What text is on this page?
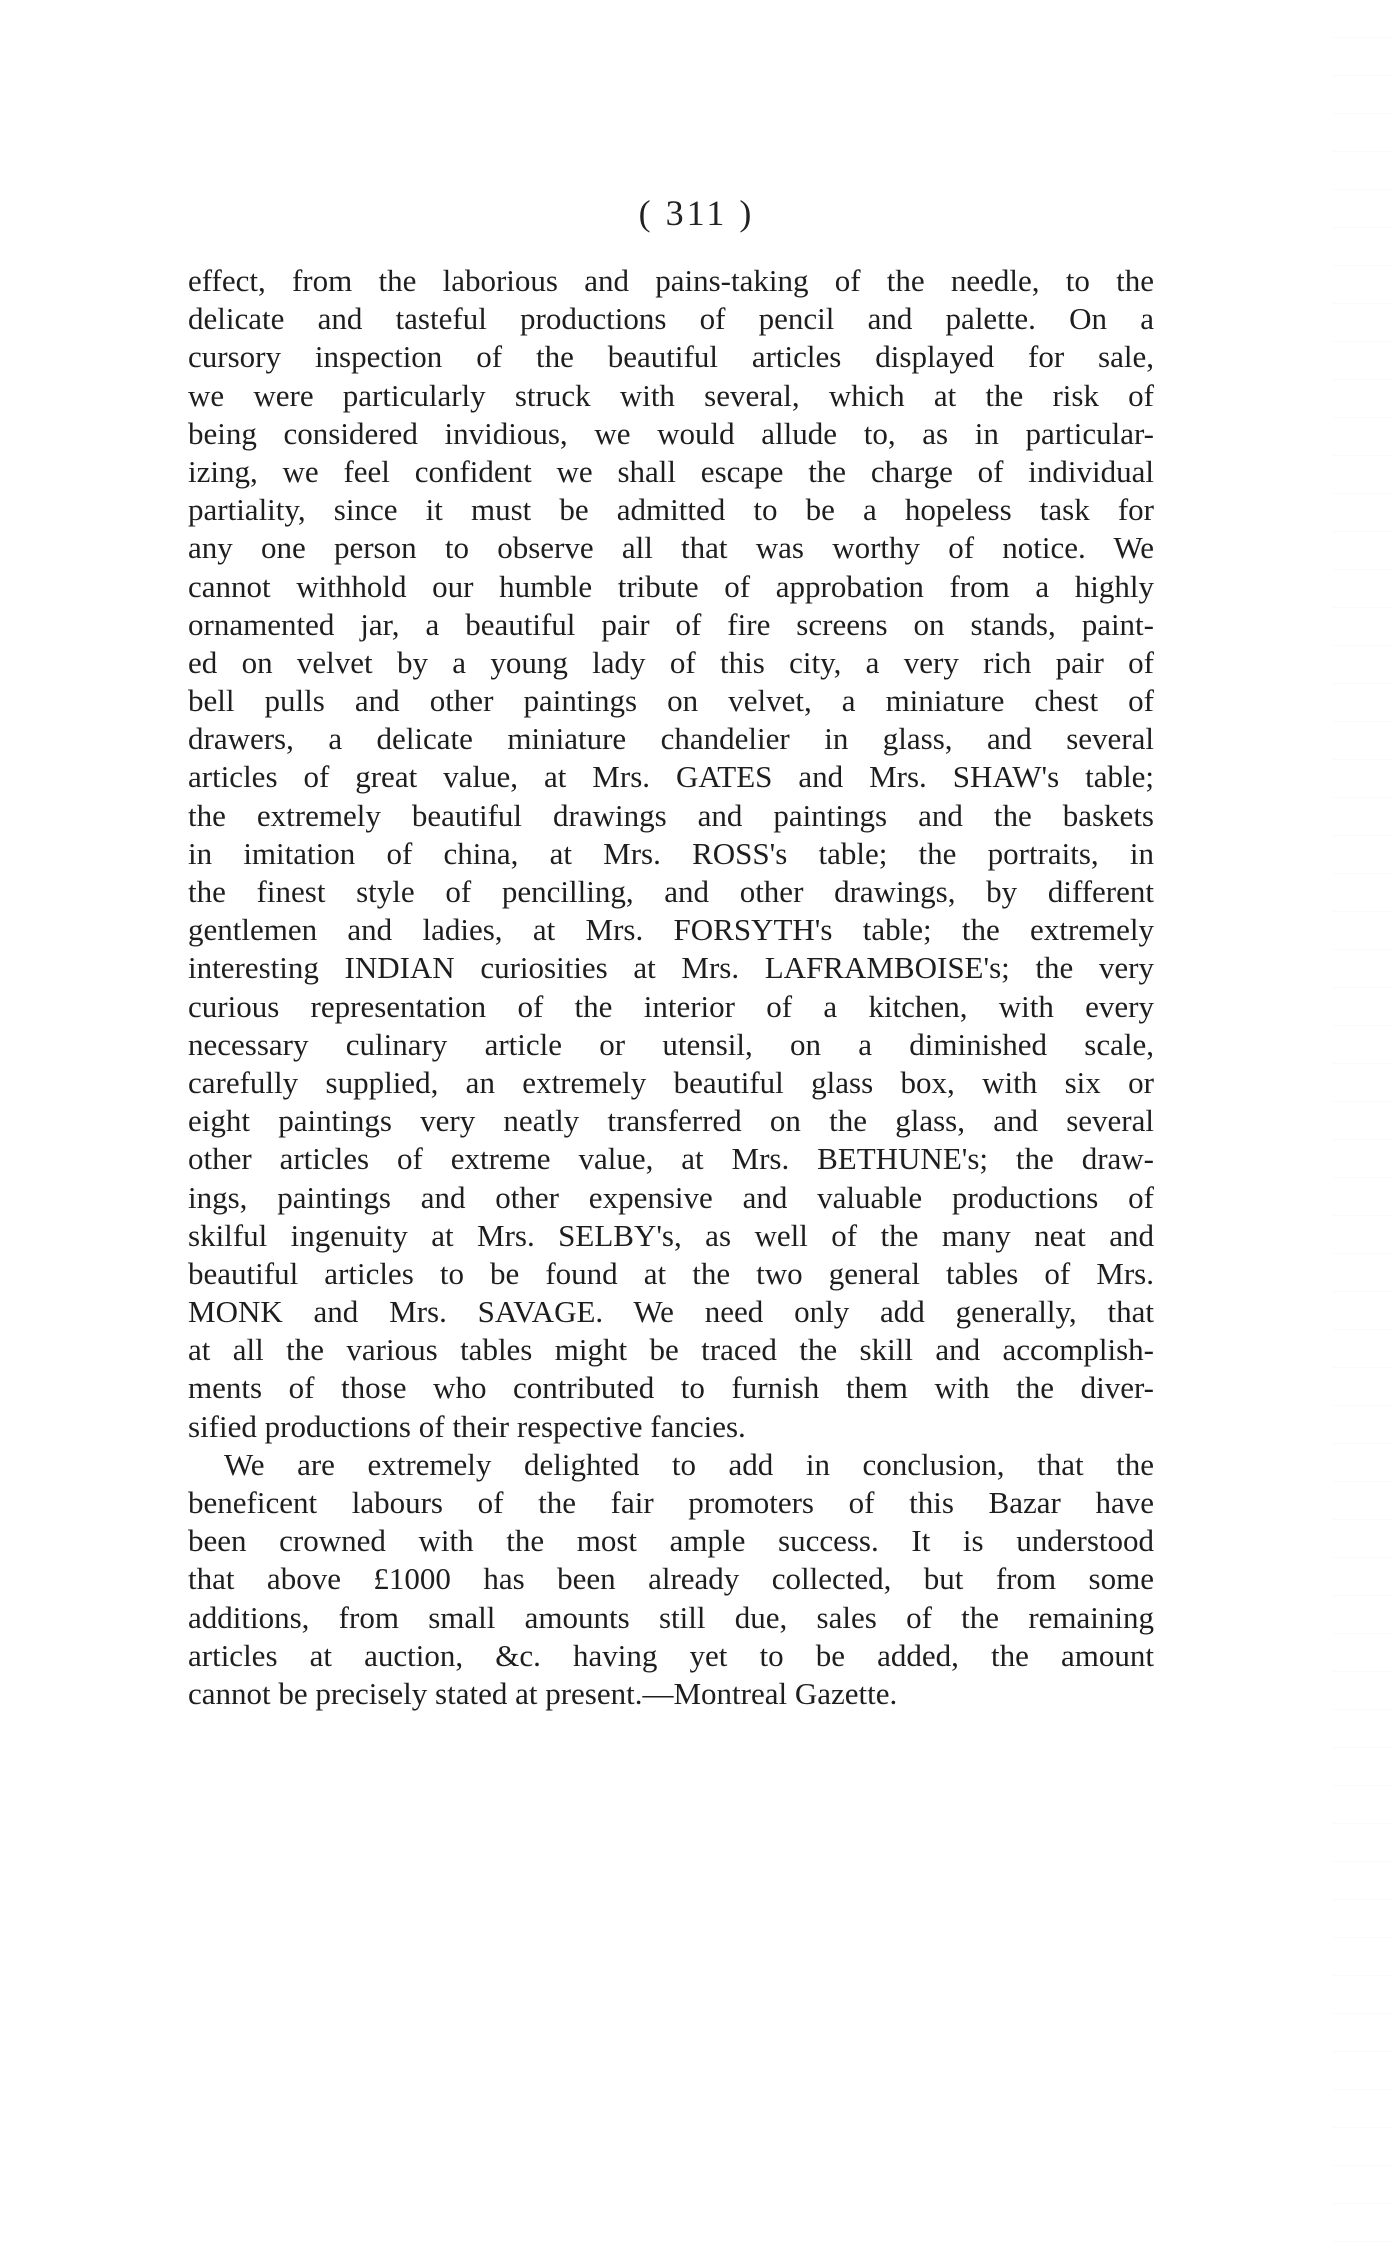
( 311 )
effect, from the laborious and pains-taking of the needle, to the
delicate and tasteful productions of pencil and palette. On a
cursory inspection of the beautiful articles displayed for sale,
we were particularly struck with several, which at the risk of
being considered invidious, we would allude to, as in particular-
izing, we feel confident we shall escape the charge of individual
partiality, since it must be admitted to be a hopeless task for
any one person to observe all that was worthy of notice. We
cannot withhold our humble tribute of approbation from a highly
ornamented jar, a beautiful pair of fire screens on stands, paint-
ed on velvet by a young lady of this city, a very rich pair of
bell pulls and other paintings on velvet, a miniature chest of
drawers, a delicate miniature chandelier in glass, and several
articles of great value, at Mrs. GATES and Mrs. SHAW's table;
the extremely beautiful drawings and paintings and the baskets
in imitation of china, at Mrs. ROSS's table; the portraits, in
the finest style of pencilling, and other drawings, by different
gentlemen and ladies, at Mrs. FORSYTH's table; the extremely
interesting INDIAN curiosities at Mrs. LAFRAMBOISE's; the very
curious representation of the interior of a kitchen, with every
necessary culinary article or utensil, on a diminished scale,
carefully supplied, an extremely beautiful glass box, with six or
eight paintings very neatly transferred on the glass, and several
other articles of extreme value, at Mrs. BETHUNE's; the draw-
ings, paintings and other expensive and valuable productions of
skilful ingenuity at Mrs. SELBY's, as well of the many neat and
beautiful articles to be found at the two general tables of Mrs.
MONK and Mrs. SAVAGE. We need only add generally, that
at all the various tables might be traced the skill and accomplish-
ments of those who contributed to furnish them with the diver-
sified productions of their respective fancies.
We are extremely delighted to add in conclusion, that the
beneficent labours of the fair promoters of this Bazar have
been crowned with the most ample success. It is understood
that above £1000 has been already collected, but from some
additions, from small amounts still due, sales of the remaining
articles at auction, &c. having yet to be added, the amount
cannot be precisely stated at present.—Montreal Gazette.
